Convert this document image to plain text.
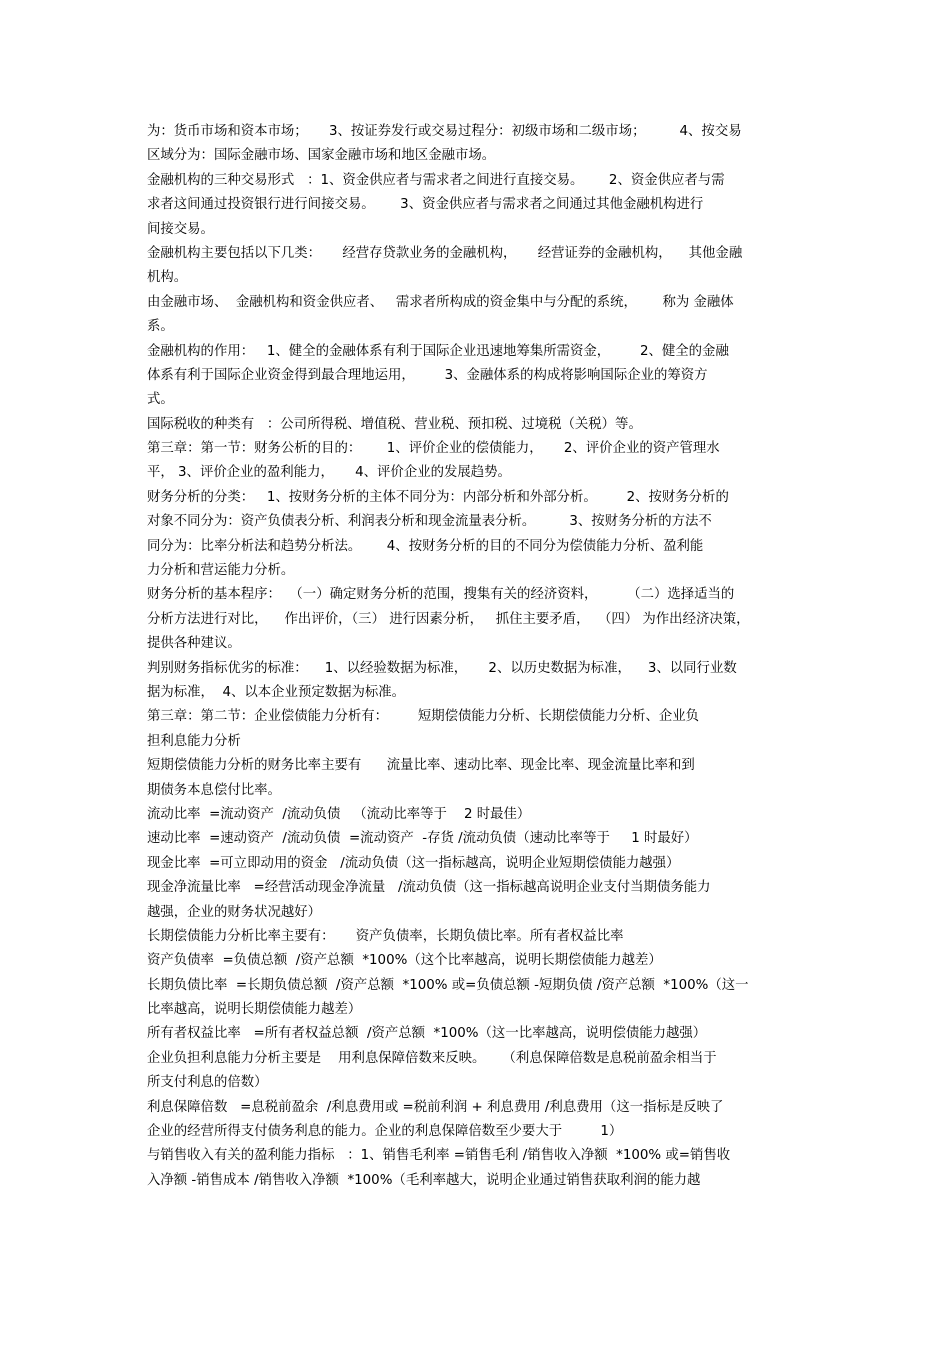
为：货币市场和资本市场；     3、按证券发行或交易过程分：初级市场和二级市场；        4、按交易
区域分为：国际金融市场、国家金融市场和地区金融市场。
金融机构的三种交易形式   ：1、资金供应者与需求者之间进行直接交易。      2、资金供应者与需
求者这间通过投资银行进行间接交易。      3、资金供应者与需求者之间通过其他金融机构进行
间接交易。
金融机构主要包括以下几类：     经营存贷款业务的金融机构，     经营证券的金融机构，    其他金融
机构。
由金融市场、  金融机构和资金供应者、   需求者所构成的资金集中与分配的系统，      称为 金融体
系。
金融机构的作用：   1、健全的金融体系有利于国际企业迅速地筹集所需资金，       2、健全的金融
体系有利于国际企业资金得到最合理地运用，       3、金融体系的构成将影响国际企业的筹资方
式。
国际税收的种类有   ：公司所得税、增值税、营业税、预扣税、过境税（关税）等。
第三章：第一节：财务公析的目的：      1、评价企业的偿债能力，     2、评价企业的资产管理水
平， 3、评价企业的盈利能力，     4、评价企业的发展趋势。
财务分析的分类：   1、按财务分析的主体不同分为：内部分析和外部分析。       2、按财务分析的
对象不同分为：资产负债表分析、利润表分析和现金流量表分析。        3、按财务分析的方法不
同分为：比率分析法和趋势分析法。      4、按财务分析的目的不同分为偿债能力分析、盈利能
力分析和营运能力分析。
财务分析的基本程序：  （一）确定财务分析的范围，搜集有关的经济资料，       （二）选择适当的
分析方法进行对比，    作出评价，（三） 进行因素分析，   抓住主要矛盾，  （四） 为作出经济决策，
提供各种建议。
判别财务指标优劣的标准：    1、以经验数据为标准，     2、以历史数据为标准，    3、以同行业数
据为标准，  4、以本企业预定数据为标准。
第三章：第二节：企业偿债能力分析有：       短期偿债能力分析、长期偿债能力分析、企业负
担利息能力分析
短期偿债能力分析的财务比率主要有      流量比率、速动比率、现金比率、现金流量比率和到
期债务本息偿付比率。
流动比率  =流动资产  /流动负债   （流动比率等于    2 时最佳）
速动比率  =速动资产  /流动负债  =流动资产  -存货 /流动负债（速动比率等于     1 时最好）
现金比率  =可立即动用的资金   /流动负债（这一指标越高，说明企业短期偿债能力越强）
现金净流量比率   =经营活动现金净流量   /流动负债（这一指标越高说明企业支付当期债务能力
越强，企业的财务状况越好）
长期偿债能力分析比率主要有：     资产负债率，长期负债比率。所有者权益比率
资产负债率  =负债总额  /资产总额  *100%（这个比率越高，说明长期偿债能力越差）
长期负债比率  =长期负债总额  /资产总额  *100% 或=负债总额 -短期负债 /资产总额  *100%（这一
比率越高，说明长期偿债能力越差）
所有者权益比率   =所有者权益总额  /资产总额  *100%（这一比率越高，说明偿债能力越强）
企业负担利息能力分析主要是    用利息保障倍数来反映。    （利息保障倍数是息税前盈余相当于
所支付利息的倍数）
利息保障倍数   =息税前盈余  /利息费用或 =税前利润 + 利息费用 /利息费用（这一指标是反映了
企业的经营所得支付债务利息的能力。企业的利息保障倍数至少要大于         1）
与销售收入有关的盈利能力指标   ：1、销售毛利率 =销售毛利 /销售收入净额  *100% 或=销售收
入净额 -销售成本 /销售收入净额  *100%（毛利率越大，说明企业通过销售获取利润的能力越
